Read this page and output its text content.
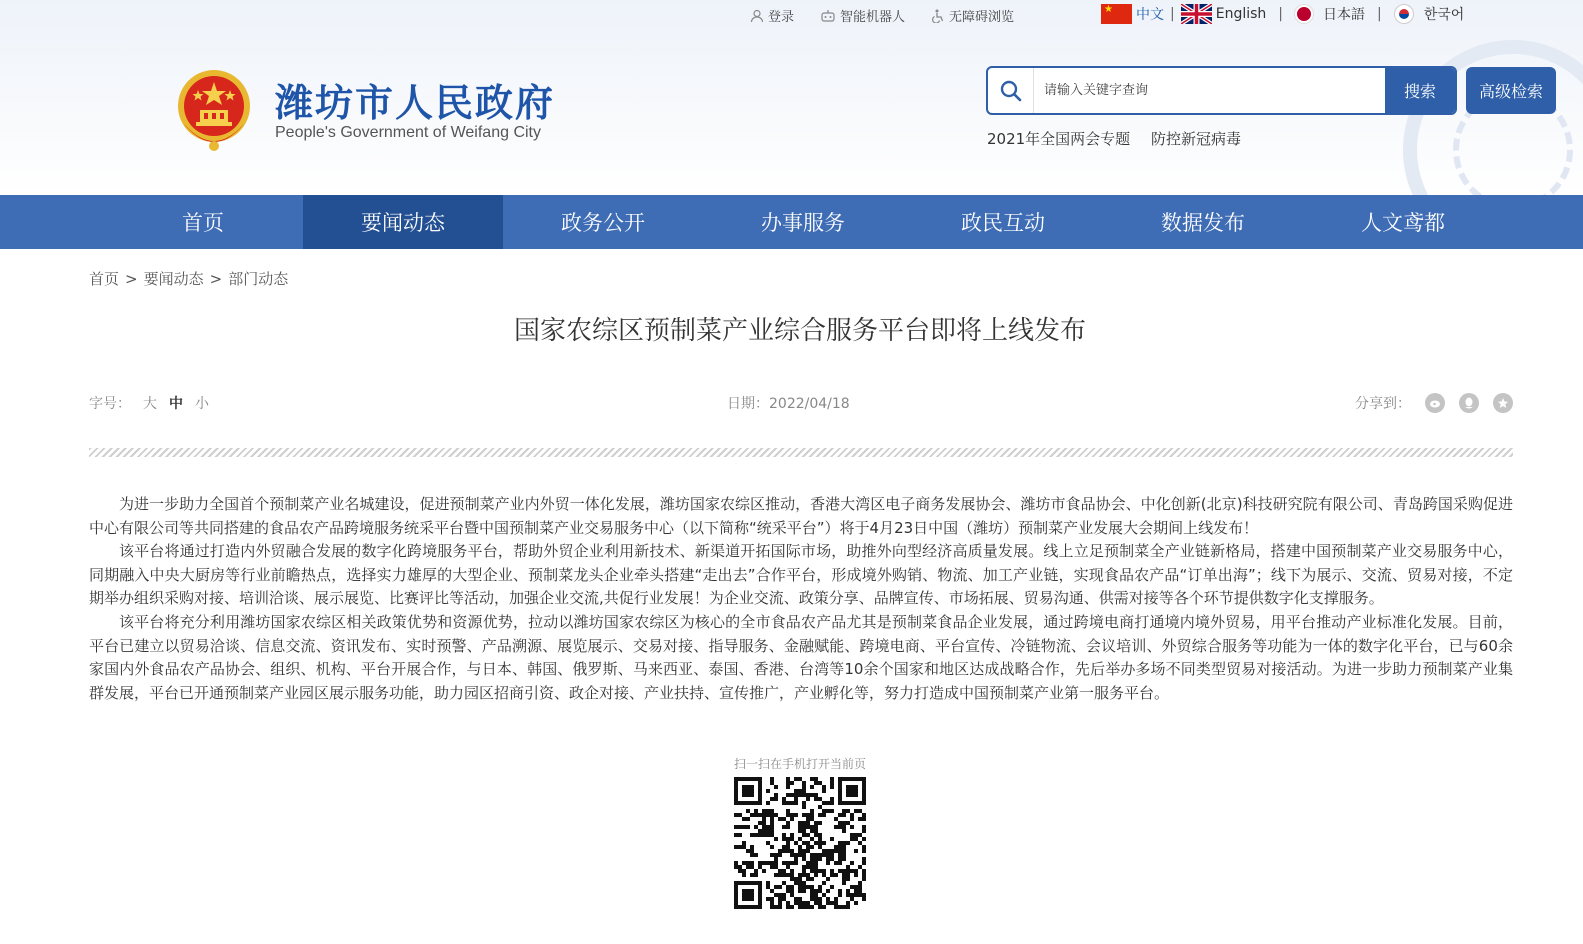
登录	智能机器人	无障碍浏览
★	中文 |	English |	日本語 |	한국어
潍坊市人民政府
People's Government of Weifang City
请输入关键字查询
搜索	高级检索
2021年全国两会专题 防控新冠病毒
首页	要闻动态	政务公开	办事服务	政民互动	数据发布	人文鸢都
首页 > 要闻动态 > 部门动态
国家农综区预制菜产业综合服务平台即将上线发布
字号： 大 中 小	日期：2022/04/18	分享到：

为进一步助力全国首个预制菜产业名城建设，促进预制菜产业内外贸一体化发展，潍坊国家农综区推动，香港大湾区电子商务发展协会、潍坊市食品协会、中化创新(北京)科技研究院有限公司、青岛跨国采购促进中心有限公司等共同搭建的食品农产品跨境服务统采平台暨中国预制菜产业交易服务中心（以下简称“统采平台”）将于4月23日中国（潍坊）预制菜产业发展大会期间上线发布！

该平台将通过打造内外贸融合发展的数字化跨境服务平台，帮助外贸企业利用新技术、新渠道开拓国际市场，助推外向型经济高质量发展。线上立足预制菜全产业链新格局，搭建中国预制菜产业交易服务中心，同期融入中央大厨房等行业前瞻热点，选择实力雄厚的大型企业、预制菜龙头企业牵头搭建“走出去”合作平台，形成境外购销、物流、加工产业链，实现食品农产品“订单出海”；线下为展示、交流、贸易对接，不定期举办组织采购对接、培训洽谈、展示展览、比赛评比等活动，加强企业交流,共促行业发展！为企业交流、政策分享、品牌宣传、市场拓展、贸易沟通、供需对接等各个环节提供数字化支撑服务。

该平台将充分利用潍坊国家农综区相关政策优势和资源优势，拉动以潍坊国家农综区为核心的全市食品农产品尤其是预制菜食品企业发展，通过跨境电商打通境内境外贸易，用平台推动产业标准化发展。目前，平台已建立以贸易洽谈、信息交流、资讯发布、实时预警、产品溯源、展览展示、交易对接、指导服务、金融赋能、跨境电商、平台宣传、冷链物流、会议培训、外贸综合服务等功能为一体的数字化平台，已与60余家国内外食品农产品协会、组织、机构、平台开展合作，与日本、韩国、俄罗斯、马来西亚、泰国、香港、台湾等10余个国家和地区达成战略合作，先后举办多场不同类型贸易对接活动。为进一步助力预制菜产业集群发展，平台已开通预制菜产业园区展示服务功能，助力园区招商引资、政企对接、产业扶持、宣传推广，产业孵化等，努力打造成中国预制菜产业第一服务平台。

扫一扫在手机打开当前页
